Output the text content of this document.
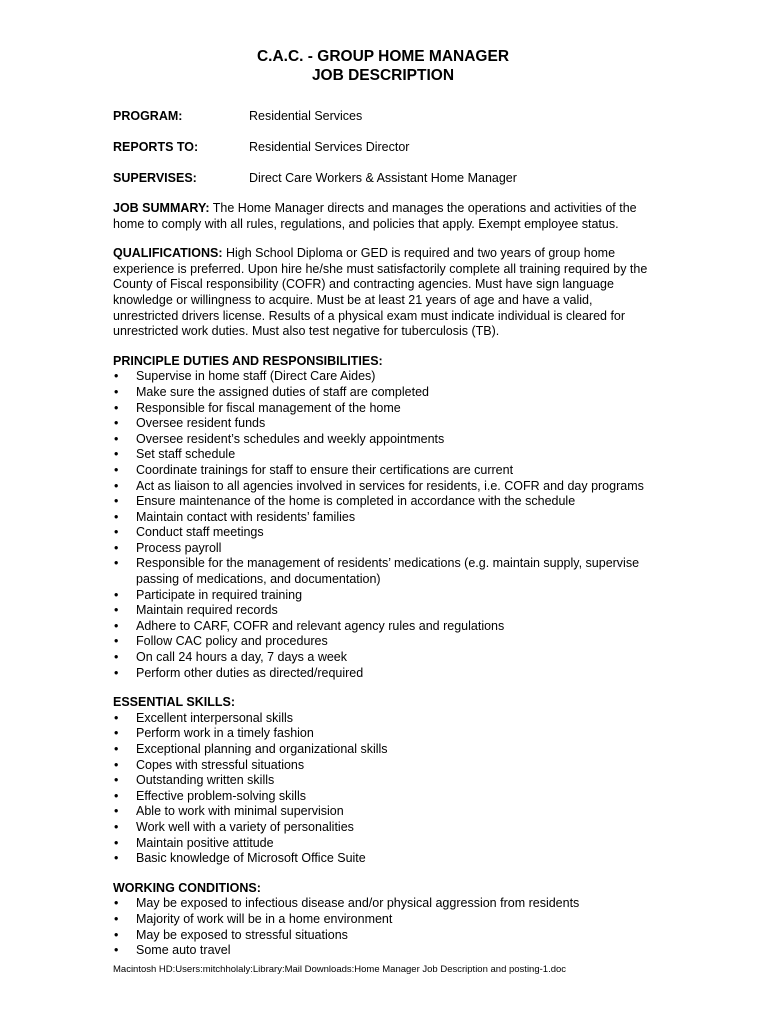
C.A.C. - GROUP HOME MANAGER

JOB DESCRIPTION

PROGRAM:	Residential Services
REPORTS TO:	Residential Services Director
SUPERVISES:	Direct Care Workers & Assistant Home Manager

JOB SUMMARY: The Home Manager directs and manages the operations and activities of the home to comply with all rules, regulations, and policies that apply. Exempt employee status.

QUALIFICATIONS: High School Diploma or GED is required and two years of group home experience is preferred. Upon hire he/she must satisfactorily complete all training required by the County of Fiscal responsibility (COFR) and contracting agencies. Must have sign language knowledge or willingness to acquire. Must be at least 21 years of age and have a valid, unrestricted drivers license. Results of a physical exam must indicate individual is cleared for unrestricted work duties. Must also test negative for tuberculosis (TB).

PRINCIPLE DUTIES AND RESPONSIBILITIES:

• Supervise in home staff (Direct Care Aides)
• Make sure the assigned duties of staff are completed
• Responsible for fiscal management of the home
• Oversee resident funds
• Oversee resident’s schedules and weekly appointments
• Set staff schedule
• Coordinate trainings for staff to ensure their certifications are current
• Act as liaison to all agencies involved in services for residents, i.e. COFR and day programs
• Ensure maintenance of the home is completed in accordance with the schedule
• Maintain contact with residents’ families
• Conduct staff meetings
• Process payroll
• Responsible for the management of residents’ medications (e.g. maintain supply, supervise passing of medications, and documentation)
• Participate in required training
• Maintain required records
• Adhere to CARF, COFR and relevant agency rules and regulations
• Follow CAC policy and procedures
• On call 24 hours a day, 7 days a week
• Perform other duties as directed/required

ESSENTIAL SKILLS:

• Excellent interpersonal skills
• Perform work in a timely fashion
• Exceptional planning and organizational skills
• Copes with stressful situations
• Outstanding written skills
• Effective problem-solving skills
• Able to work with minimal supervision
• Work well with a variety of personalities
• Maintain positive attitude
• Basic knowledge of Microsoft Office Suite

WORKING CONDITIONS:

• May be exposed to infectious disease and/or physical aggression from residents
• Majority of work will be in a home environment
• May be exposed to stressful situations
• Some auto travel
Macintosh HD:Users:mitchholaly:Library:Mail Downloads:Home Manager Job Description and posting-1.doc
